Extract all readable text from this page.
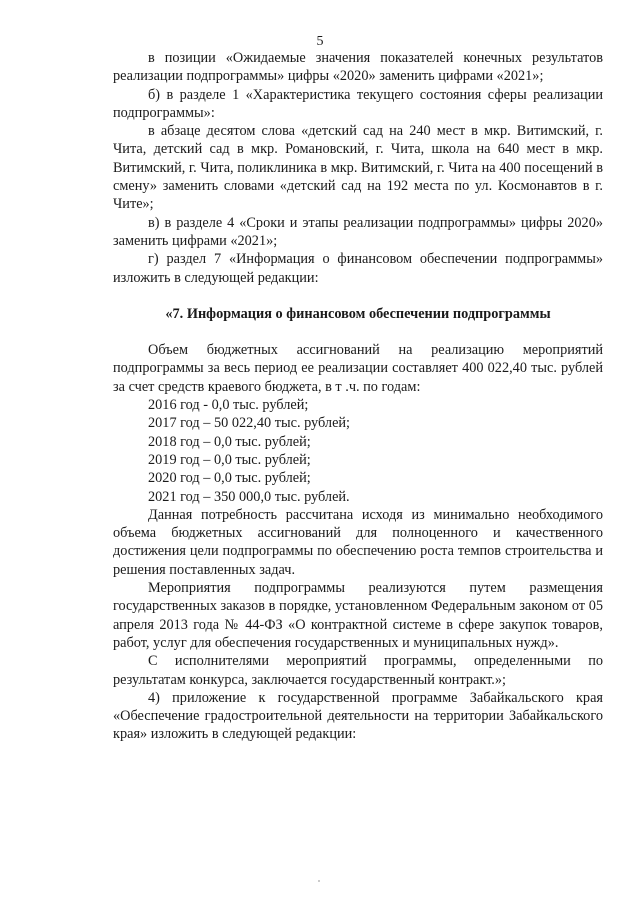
5

в позиции «Ожидаемые значения показателей конечных результатов реализации подпрограммы» цифры «2020» заменить цифрами «2021»;

б) в разделе 1 «Характеристика текущего состояния сферы реализации подпрограммы»:

в абзаце десятом слова «детский сад на 240 мест в мкр. Витимский, г. Чита, детский сад в мкр. Романовский, г. Чита, школа на 640 мест в мкр. Витимский, г. Чита, поликлиника в мкр. Витимский, г. Чита на 400 посещений в смену» заменить словами «детский сад на 192 места по ул. Космонавтов в г. Чите»;

в) в разделе 4 «Сроки и этапы реализации подпрограммы» цифры 2020» заменить цифрами «2021»;

г) раздел 7 «Информация о финансовом обеспечении подпрограммы» изложить в следующей редакции:

«7. Информация о финансовом обеспечении подпрограммы

Объем бюджетных ассигнований на реализацию мероприятий подпрограммы за весь период ее реализации составляет 400 022,40 тыс. рублей за счет средств краевого бюджета, в т .ч. по годам:

2016 год - 0,0 тыс. рублей;

2017 год – 50 022,40 тыс. рублей;

2018 год – 0,0 тыс. рублей;

2019 год – 0,0 тыс. рублей;

2020 год – 0,0 тыс. рублей;

2021 год – 350 000,0 тыс. рублей.

Данная потребность рассчитана исходя из минимально необходимого объема бюджетных ассигнований для полноценного и качественного достижения цели подпрограммы по обеспечению роста темпов строительства и решения поставленных задач.

Мероприятия подпрограммы реализуются путем размещения государственных заказов в порядке, установленном Федеральным законом от 05 апреля 2013 года № 44-ФЗ «О контрактной системе в сфере закупок товаров, работ, услуг для обеспечения государственных и муниципальных нужд».

С исполнителями мероприятий программы, определенными по результатам конкурса, заключается государственный контракт.»;

4) приложение к государственной программе Забайкальского края «Обеспечение градостроительной деятельности на территории Забайкальского края» изложить в следующей редакции:
